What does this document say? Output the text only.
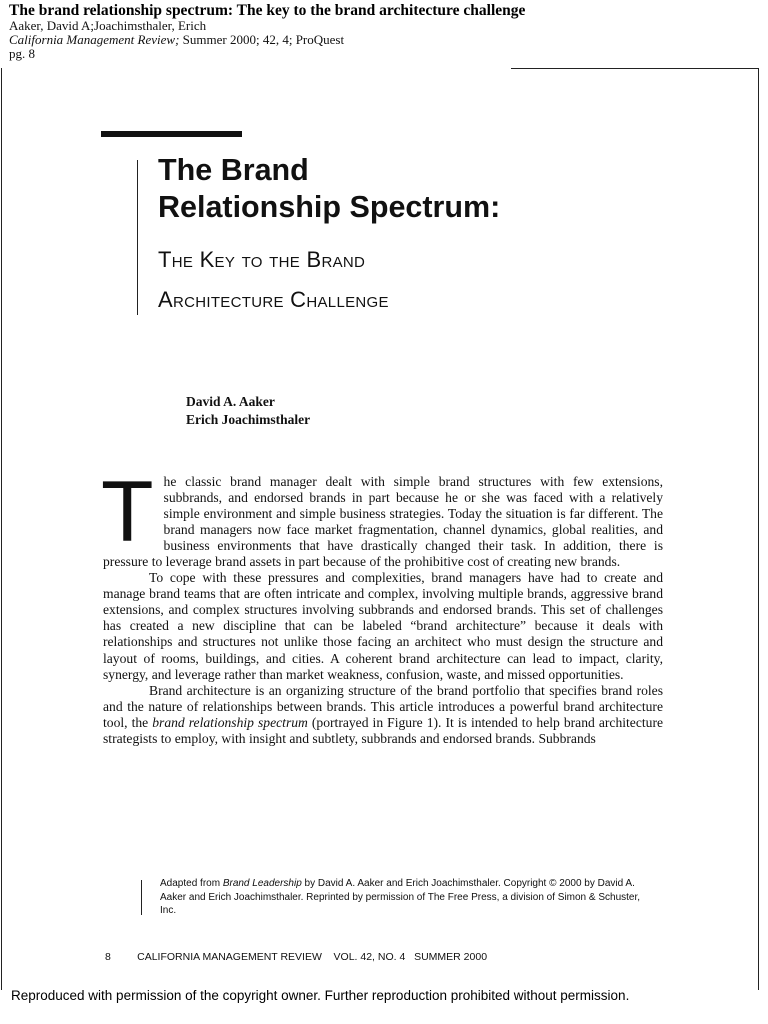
The brand relationship spectrum: The key to the brand architecture challenge
Aaker, David A;Joachimsthaler, Erich
California Management Review; Summer 2000; 42, 4; ProQuest
pg. 8
The Brand
Relationship Spectrum:
The Key to the Brand
Architecture Challenge
David A. Aaker
Erich Joachimsthaler

The classic brand manager dealt with simple brand structures with few extensions, subbrands, and endorsed brands in part because he or she was faced with a relatively simple environment and simple business strategies. Today the situation is far different. The brand managers now face market fragmentation, channel dynamics, global realities, and business environments that have drastically changed their task. In addition, there is pressure to leverage brand assets in part because of the prohibitive cost of creating new brands.

To cope with these pressures and complexities, brand managers have had to create and manage brand teams that are often intricate and complex, involving multiple brands, aggressive brand extensions, and complex structures involving subbrands and endorsed brands. This set of challenges has created a new discipline that can be labeled “brand architecture” because it deals with relationships and structures not unlike those facing an architect who must design the structure and layout of rooms, buildings, and cities. A coherent brand architecture can lead to impact, clarity, synergy, and leverage rather than market weakness, confusion, waste, and missed opportunities.

Brand architecture is an organizing structure of the brand portfolio that specifies brand roles and the nature of relationships between brands. This article introduces a powerful brand architecture tool, the brand relationship spectrum (portrayed in Figure 1). It is intended to help brand architecture strategists to employ, with insight and subtlety, subbrands and endorsed brands. Subbrands

Adapted from Brand Leadership by David A. Aaker and Erich Joachimsthaler. Copyright © 2000 by David A. Aaker and Erich Joachimsthaler. Reprinted by permission of The Free Press, a division of Simon & Schuster, Inc.
8	CALIFORNIA MANAGEMENT REVIEW VOL. 42, NO. 4 SUMMER 2000
Reproduced with permission of the copyright owner. Further reproduction prohibited without permission.
